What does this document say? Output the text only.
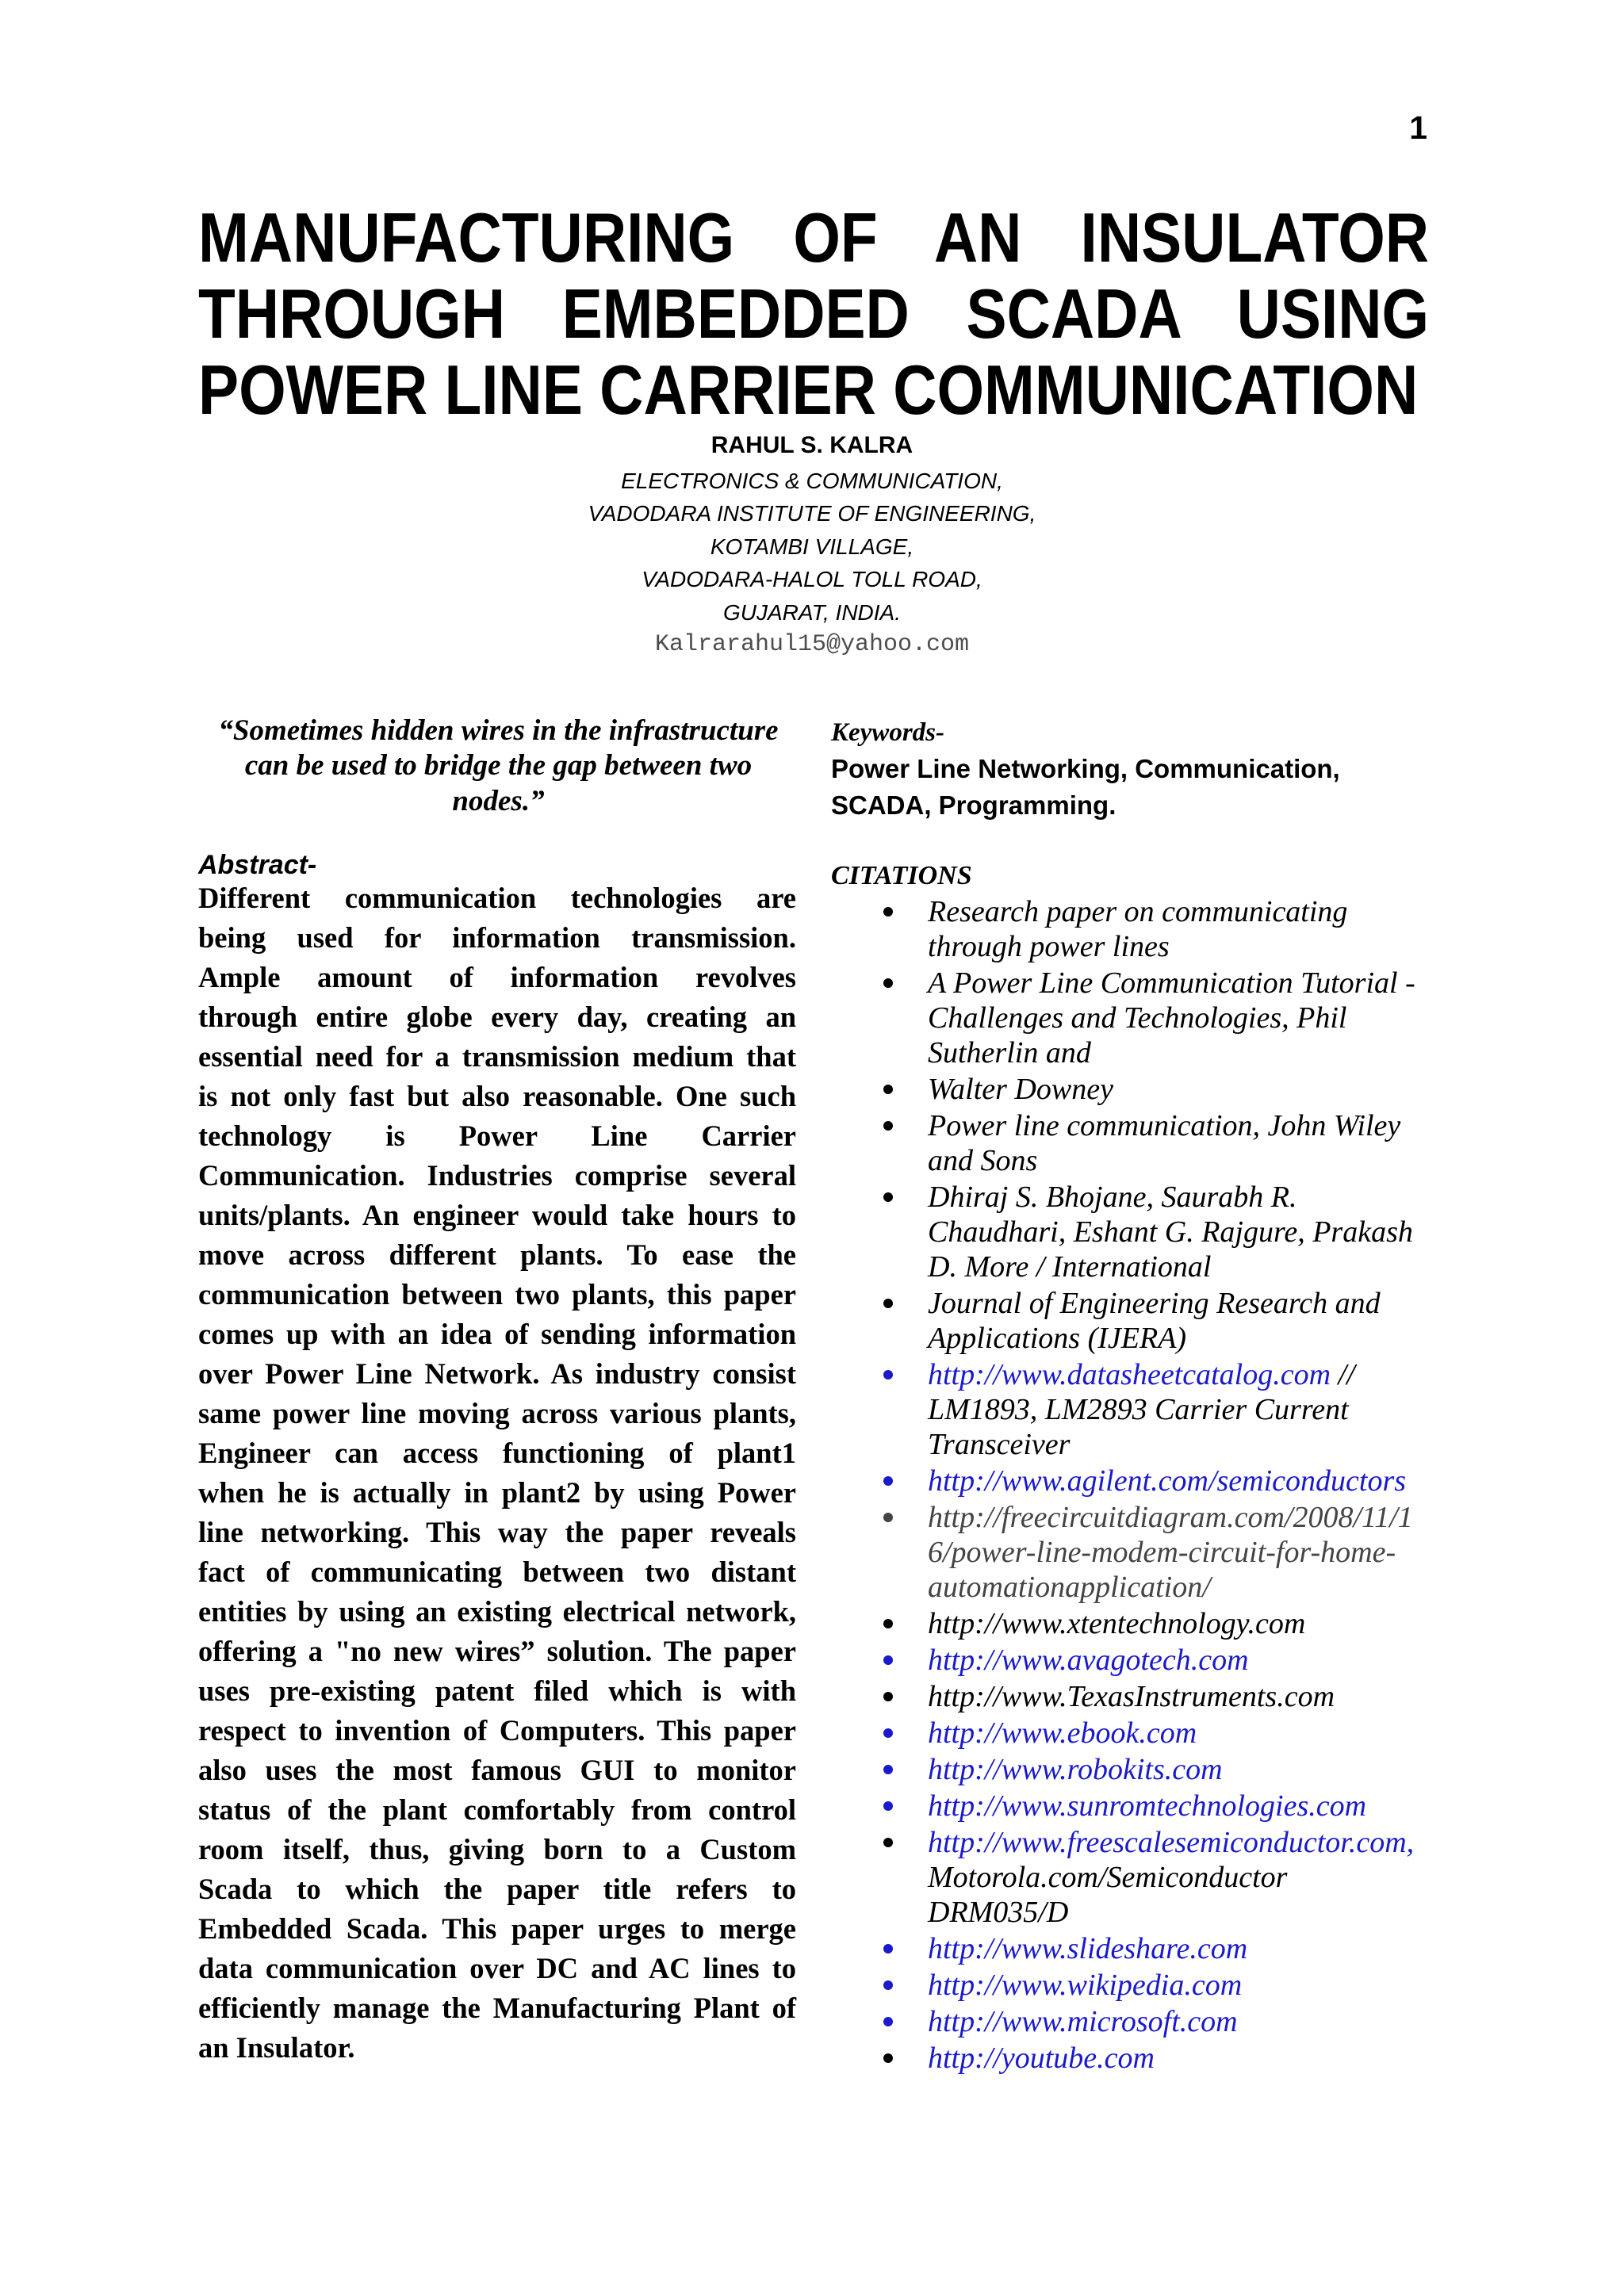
1
MANUFACTURING OF AN INSULATOR
THROUGH EMBEDDED SCADA USING
POWER LINE CARRIER COMMUNICATION
RAHUL S. KALRA
ELECTRONICS & COMMUNICATION,
VADODARA INSTITUTE OF ENGINEERING,
KOTAMBI VILLAGE,
VADODARA-HALOL TOLL ROAD,
GUJARAT, INDIA.
Kalrarahul15@yahoo.com
“Sometimes hidden wires in the infrastructure
can be used to bridge the gap between two
nodes.”
Abstract-
Different communication technologies are
being used for information transmission.
Ample amount of information revolves
through entire globe every day, creating an
essential need for a transmission medium that
is not only fast but also reasonable. One such
technology is Power Line Carrier
Communication. Industries comprise several
units/plants. An engineer would take hours to
move across different plants. To ease the
communication between two plants, this paper
comes up with an idea of sending information
over Power Line Network. As industry consist
same power line moving across various plants,
Engineer can access functioning of plant1
when he is actually in plant2 by using Power
line networking. This way the paper reveals
fact of communicating between two distant
entities by using an existing electrical network,
offering a "no new wires” solution. The paper
uses pre-existing patent filed which is with
respect to invention of Computers. This paper
also uses the most famous GUI to monitor
status of the plant comfortably from control
room itself, thus, giving born to a Custom
Scada to which the paper title refers to
Embedded Scada. This paper urges to merge
data communication over DC and AC lines to
efficiently manage the Manufacturing Plant of
an Insulator.
Keywords-
Power Line Networking, Communication,
SCADA, Programming.
CITATIONS
Research paper on communicating
through power lines
A Power Line Communication Tutorial -
Challenges and Technologies, Phil
Sutherlin and
Walter Downey
Power line communication, John Wiley
and Sons
Dhiraj S. Bhojane, Saurabh R.
Chaudhari, Eshant G. Rajgure, Prakash
D. More / International
Journal of Engineering Research and
Applications (IJERA)
http://www.datasheetcatalog.com //
LM1893, LM2893 Carrier Current
Transceiver
http://www.agilent.com/semiconductors
http://freecircuitdiagram.com/2008/11/1
6/power-line-modem-circuit-for-home-
automationapplication/
http://www.xtentechnology.com
http://www.avagotech.com
http://www.TexasInstruments.com
http://www.ebook.com
http://www.robokits.com
http://www.sunromtechnologies.com
http://www.freescalesemiconductor.com,
Motorola.com/Semiconductor
DRM035/D
http://www.slideshare.com
http://www.wikipedia.com
http://www.microsoft.com
http://youtube.com
